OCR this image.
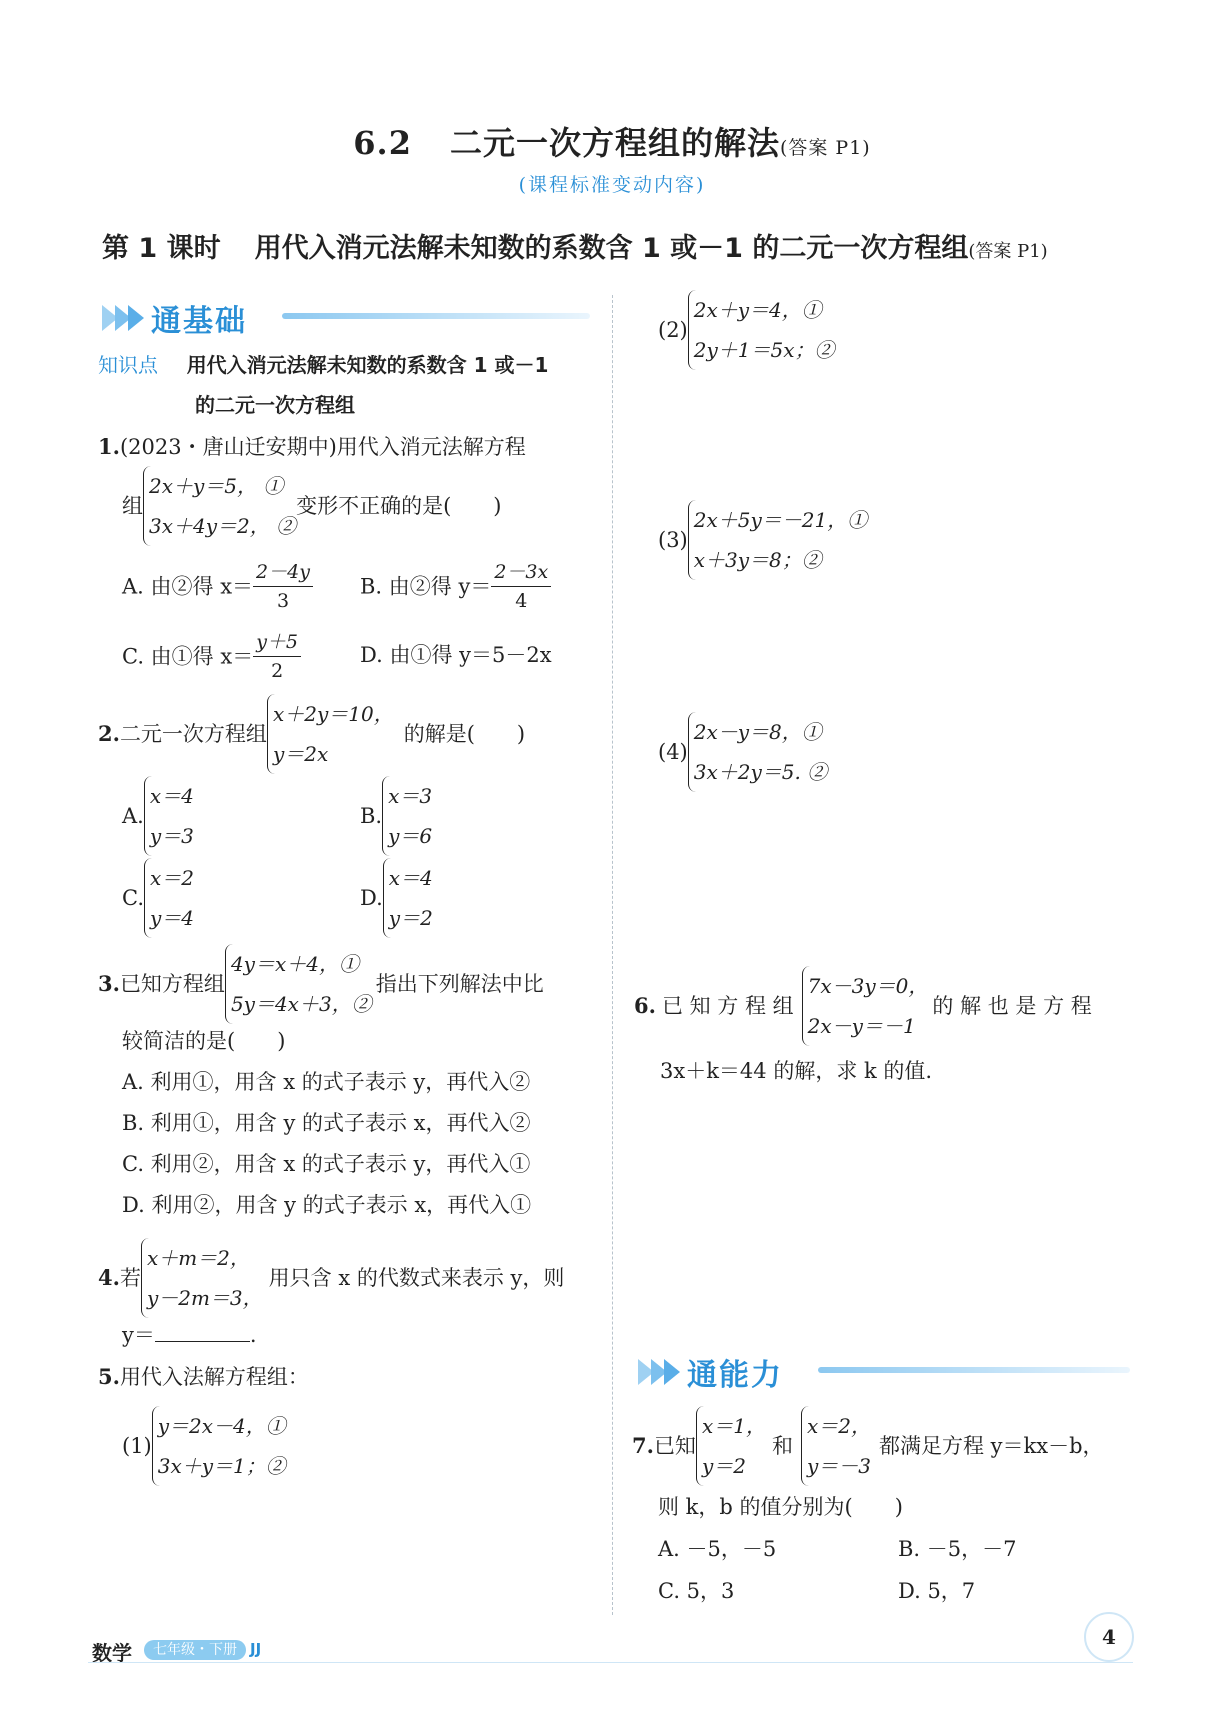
6.2 二元一次方程组的解法(答案 P1)
(课程标准变动内容)
第 1 课时 用代入消元法解未知数的系数含 1 或－1 的二元一次方程组(答案 P1)
通基础
知识点 用代入消元法解未知数的系数含 1 或－1
的二元一次方程组
1.(2023・唐山迁安期中)用代入消元法解方程
组
2x＋y＝5， ①
3x＋4y＝2， ②
变形不正确的是(　　)
A. 由②得 $x= \frac{2-4y}{3} B$. 由②得 $y= \frac{2-3x}{4}$
C. 由①得 $x= \frac{y+5}{2}$	D. 由①得 y＝5－2x
2.二元一次方程组
x＋2y＝10，
y＝2x
的解是(　　)
A.
x＝4
y＝3
B.
x＝3
y＝6
C.
x＝2
y＝4
D.
x＝4
y＝2
3.已知方程组
4y＝x＋4，①
5y＝4x＋3，②
指出下列解法中比
较简洁的是(　　)
A. 利用①，用含 x 的式子表示 y，再代入②
B. 利用①，用含 y 的式子表示 x，再代入②
C. 利用②，用含 x 的式子表示 y，再代入①
D. 利用②，用含 y 的式子表示 x，再代入①
4.若
x＋m＝2，
y－2m＝3，
用只含 x 的代数式来表示 y，则
y＝	.
5.用代入法解方程组：
(1)
y＝2x－4，①
3x＋y＝1；②
(2)
2x＋y＝4，①
2y＋1＝5x；②
(3)
2x＋5y＝－21，①
x＋3y＝8；②
(4)
2x－y＝8，①
3x＋2y＝5. ②
6. 已 知 方 程 组
7x－3y＝0，
2x－y＝－1
的 解 也 是 方 程
3x＋k＝44 的解，求 k 的值.
通能力
7.已知
x＝1，
y＝2
和
x＝2，
y＝－3
都满足方程 y＝kx－b，
则 k，b 的值分别为(　　)
A. －5，－5	B. －5，－7
C. 5，3	D. 5，7
数学	七年级・下册 JJ	4
